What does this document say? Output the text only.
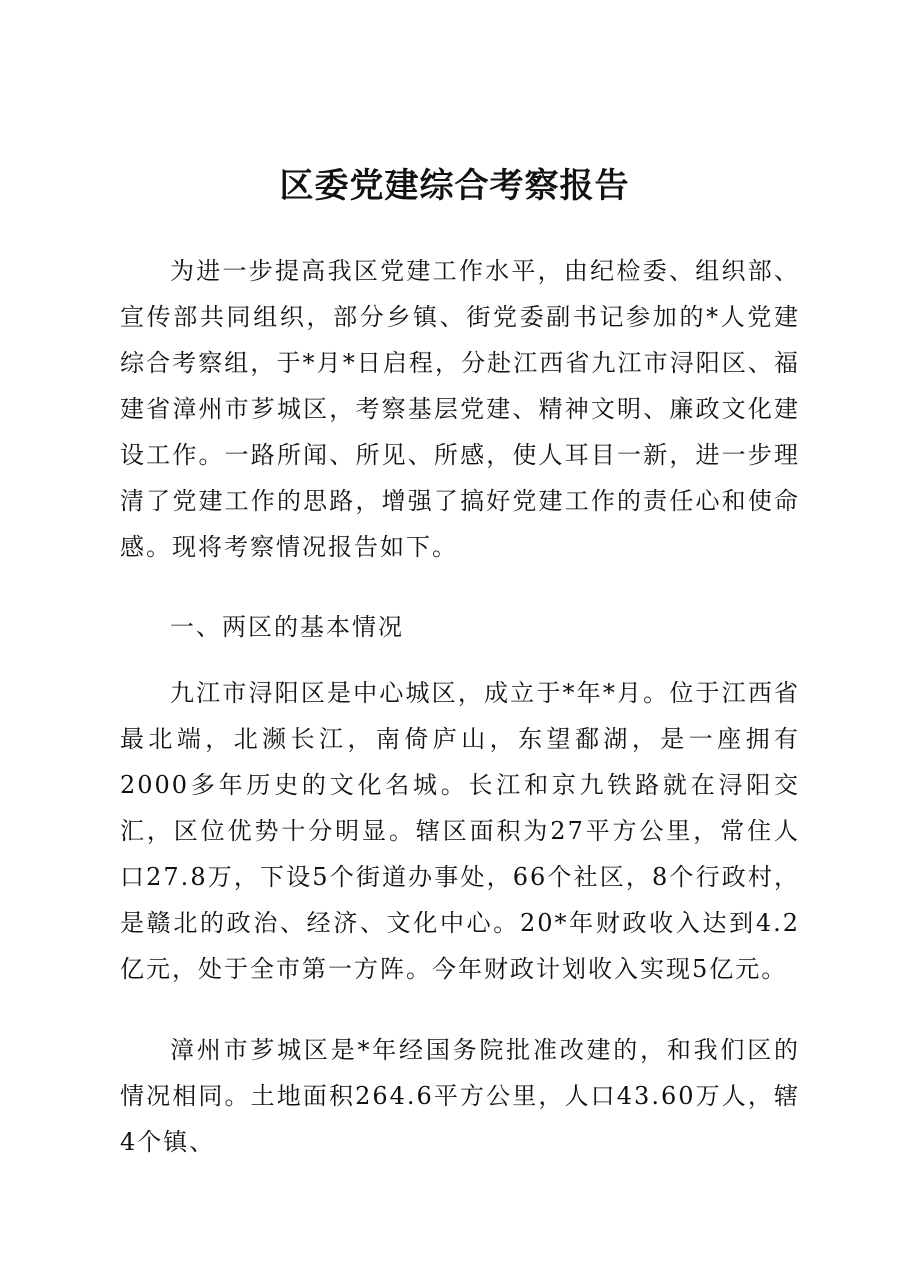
区委党建综合考察报告

为进一步提高我区党建工作水平，由纪检委、组织部、宣传部共同组织，部分乡镇、街党委副书记参加的*人党建综合考察组，于*月*日启程，分赴江西省九江市浔阳区、福建省漳州市芗城区，考察基层党建、精神文明、廉政文化建设工作。一路所闻、所见、所感，使人耳目一新，进一步理清了党建工作的思路，增强了搞好党建工作的责任心和使命感。现将考察情况报告如下。

一、两区的基本情况

九江市浔阳区是中心城区，成立于*年*月。位于江西省最北端，北濒长江，南倚庐山，东望鄱湖，是一座拥有2000多年历史的文化名城。长江和京九铁路就在浔阳交汇，区位优势十分明显。辖区面积为27平方公里，常住人口27.8万，下设5个街道办事处，66个社区，8个行政村，是赣北的政治、经济、文化中心。20*年财政收入达到4.2亿元，处于全市第一方阵。今年财政计划收入实现5亿元。

漳州市芗城区是*年经国务院批准改建的，和我们区的情况相同。土地面积264.6平方公里，人口43.60万人，辖4个镇、
